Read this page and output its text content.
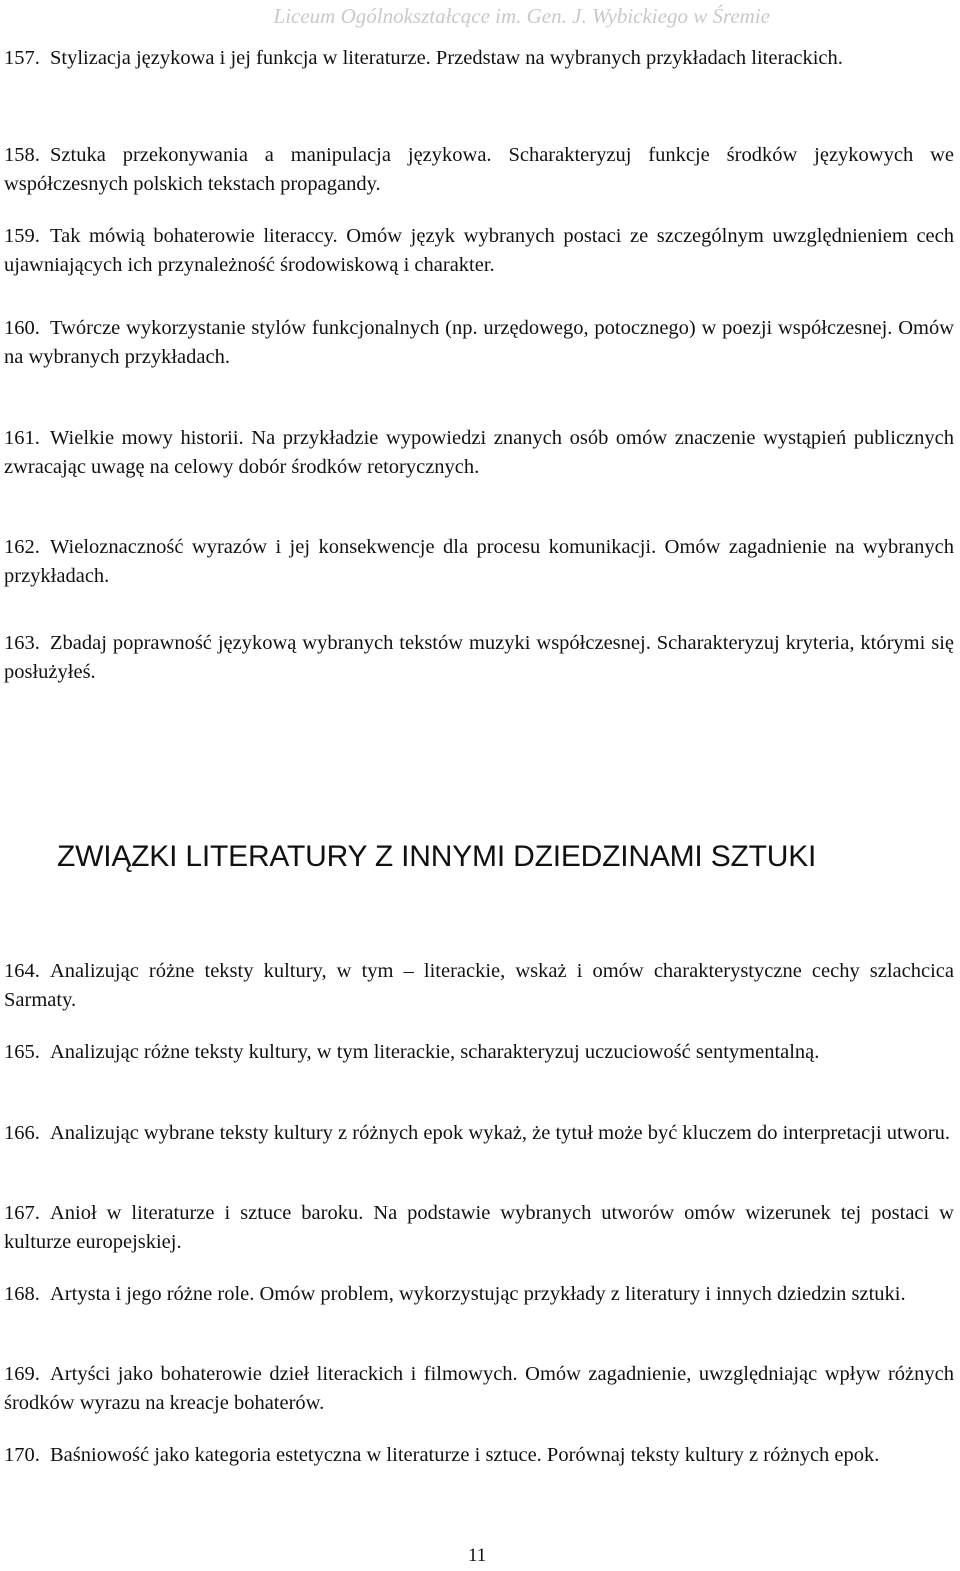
Liceum Ogólnokształcące im. Gen. J. Wybickiego w Śremie
157. Stylizacja językowa i jej funkcja w literaturze. Przedstaw na wybranych przykładach literackich.
158. Sztuka przekonywania a manipulacja językowa. Scharakteryzuj funkcje środków językowych we współczesnych polskich tekstach propagandy.
159. Tak mówią bohaterowie literaccy. Omów język wybranych postaci ze szczególnym uwzględnieniem cech ujawniających ich przynależność środowiskową i charakter.
160. Twórcze wykorzystanie stylów funkcjonalnych (np. urzędowego, potocznego) w poezji współczesnej. Omów na wybranych przykładach.
161. Wielkie mowy historii. Na przykładzie wypowiedzi znanych osób omów znaczenie wystąpień publicznych zwracając uwagę na celowy dobór środków retorycznych.
162. Wieloznaczność wyrazów i jej konsekwencje dla procesu komunikacji. Omów zagadnienie na wybranych przykładach.
163. Zbadaj poprawność językową wybranych tekstów muzyki współczesnej. Scharakteryzuj kryteria, którymi się posłużyłeś.
ZWIĄZKI LITERATURY Z INNYMI DZIEDZINAMI SZTUKI
164. Analizując różne teksty kultury, w tym – literackie, wskaż i omów charakterystyczne cechy szlachcica Sarmaty.
165. Analizując różne teksty kultury, w tym literackie, scharakteryzuj uczuciowość sentymentalną.
166. Analizując wybrane teksty kultury z różnych epok wykaż, że tytuł może być kluczem do interpretacji utworu.
167. Anioł w literaturze i sztuce baroku. Na podstawie wybranych utworów omów wizerunek tej postaci w kulturze europejskiej.
168. Artysta i jego różne role. Omów problem, wykorzystując przykłady z literatury i innych dziedzin sztuki.
169. Artyści jako bohaterowie dzieł literackich i filmowych. Omów zagadnienie, uwzględniając wpływ różnych środków wyrazu na kreacje bohaterów.
170. Baśniowość jako kategoria estetyczna w literaturze i sztuce. Porównaj teksty kultury z różnych epok.
11
